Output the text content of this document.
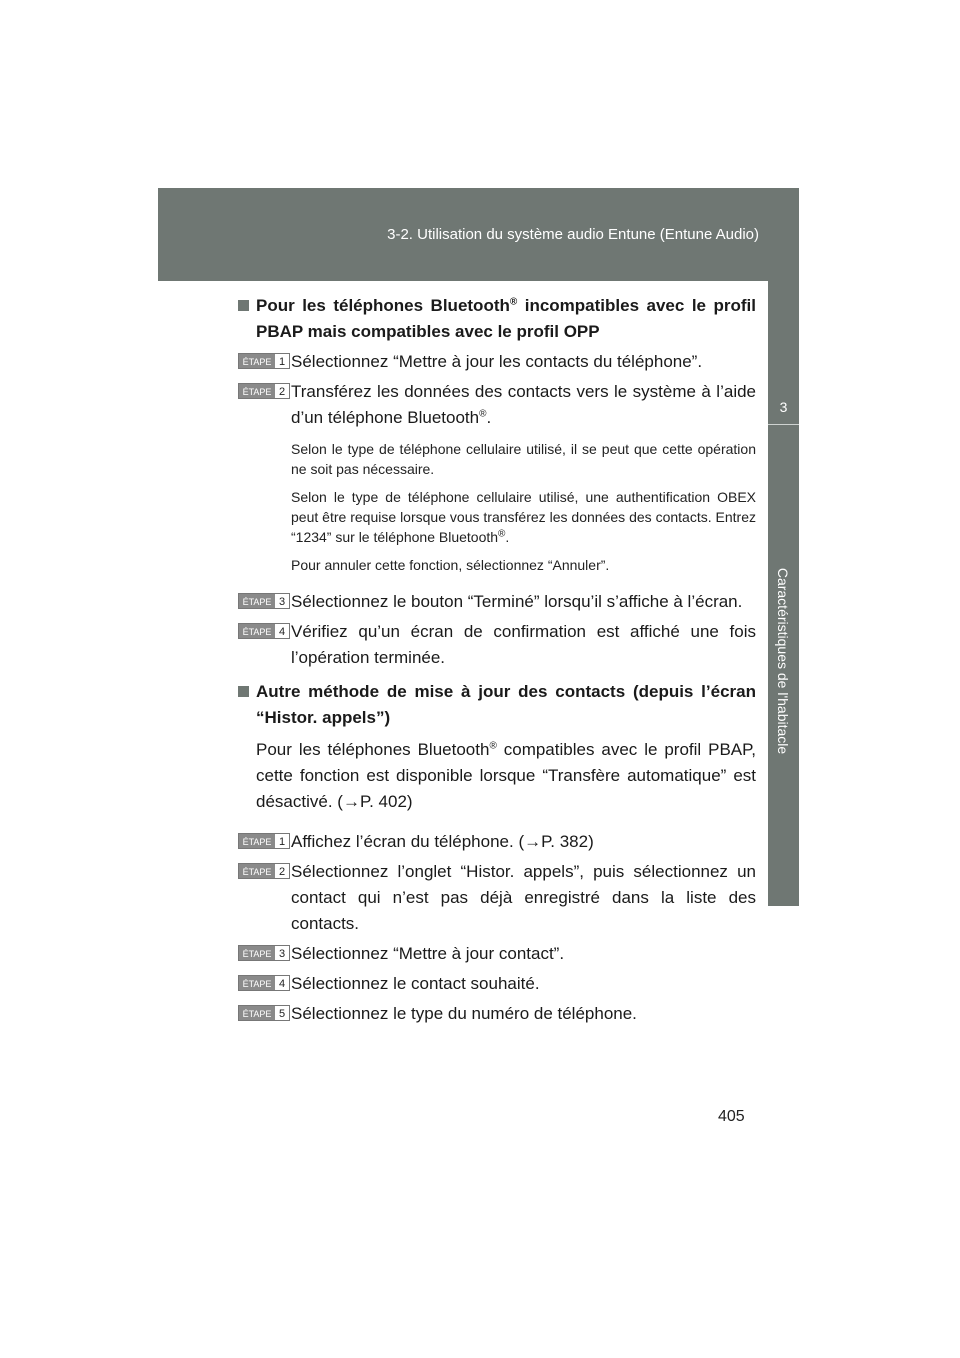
3-2. Utilisation du système audio Entune (Entune Audio)
3
Caractéristiques de l'habitacle
Pour les téléphones Bluetooth® incompatibles avec le profil PBAP mais compatibles avec le profil OPP
ÉTAPE 1 Sélectionnez “Mettre à jour les contacts du téléphone”.
ÉTAPE 2 Transférez les données des contacts vers le système à l’aide d’un téléphone Bluetooth®.
Selon le type de téléphone cellulaire utilisé, il se peut que cette opération ne soit pas nécessaire.
Selon le type de téléphone cellulaire utilisé, une authentification OBEX peut être requise lorsque vous transférez les données des contacts. Entrez “1234” sur le téléphone Bluetooth®.
Pour annuler cette fonction, sélectionnez “Annuler”.
ÉTAPE 3 Sélectionnez le bouton “Terminé” lorsqu’il s’affiche à l’écran.
ÉTAPE 4 Vérifiez qu’un écran de confirmation est affiché une fois l’opération terminée.
Autre méthode de mise à jour des contacts (depuis l’écran “Histor. appels”)
Pour les téléphones Bluetooth® compatibles avec le profil PBAP, cette fonction est disponible lorsque “Transfère automatique” est désactivé. (→P. 402)
ÉTAPE 1 Affichez l’écran du téléphone. (→P. 382)
ÉTAPE 2 Sélectionnez l’onglet “Histor. appels”, puis sélectionnez un contact qui n’est pas déjà enregistré dans la liste des contacts.
ÉTAPE 3 Sélectionnez “Mettre à jour contact”.
ÉTAPE 4 Sélectionnez le contact souhaité.
ÉTAPE 5 Sélectionnez le type du numéro de téléphone.
405
